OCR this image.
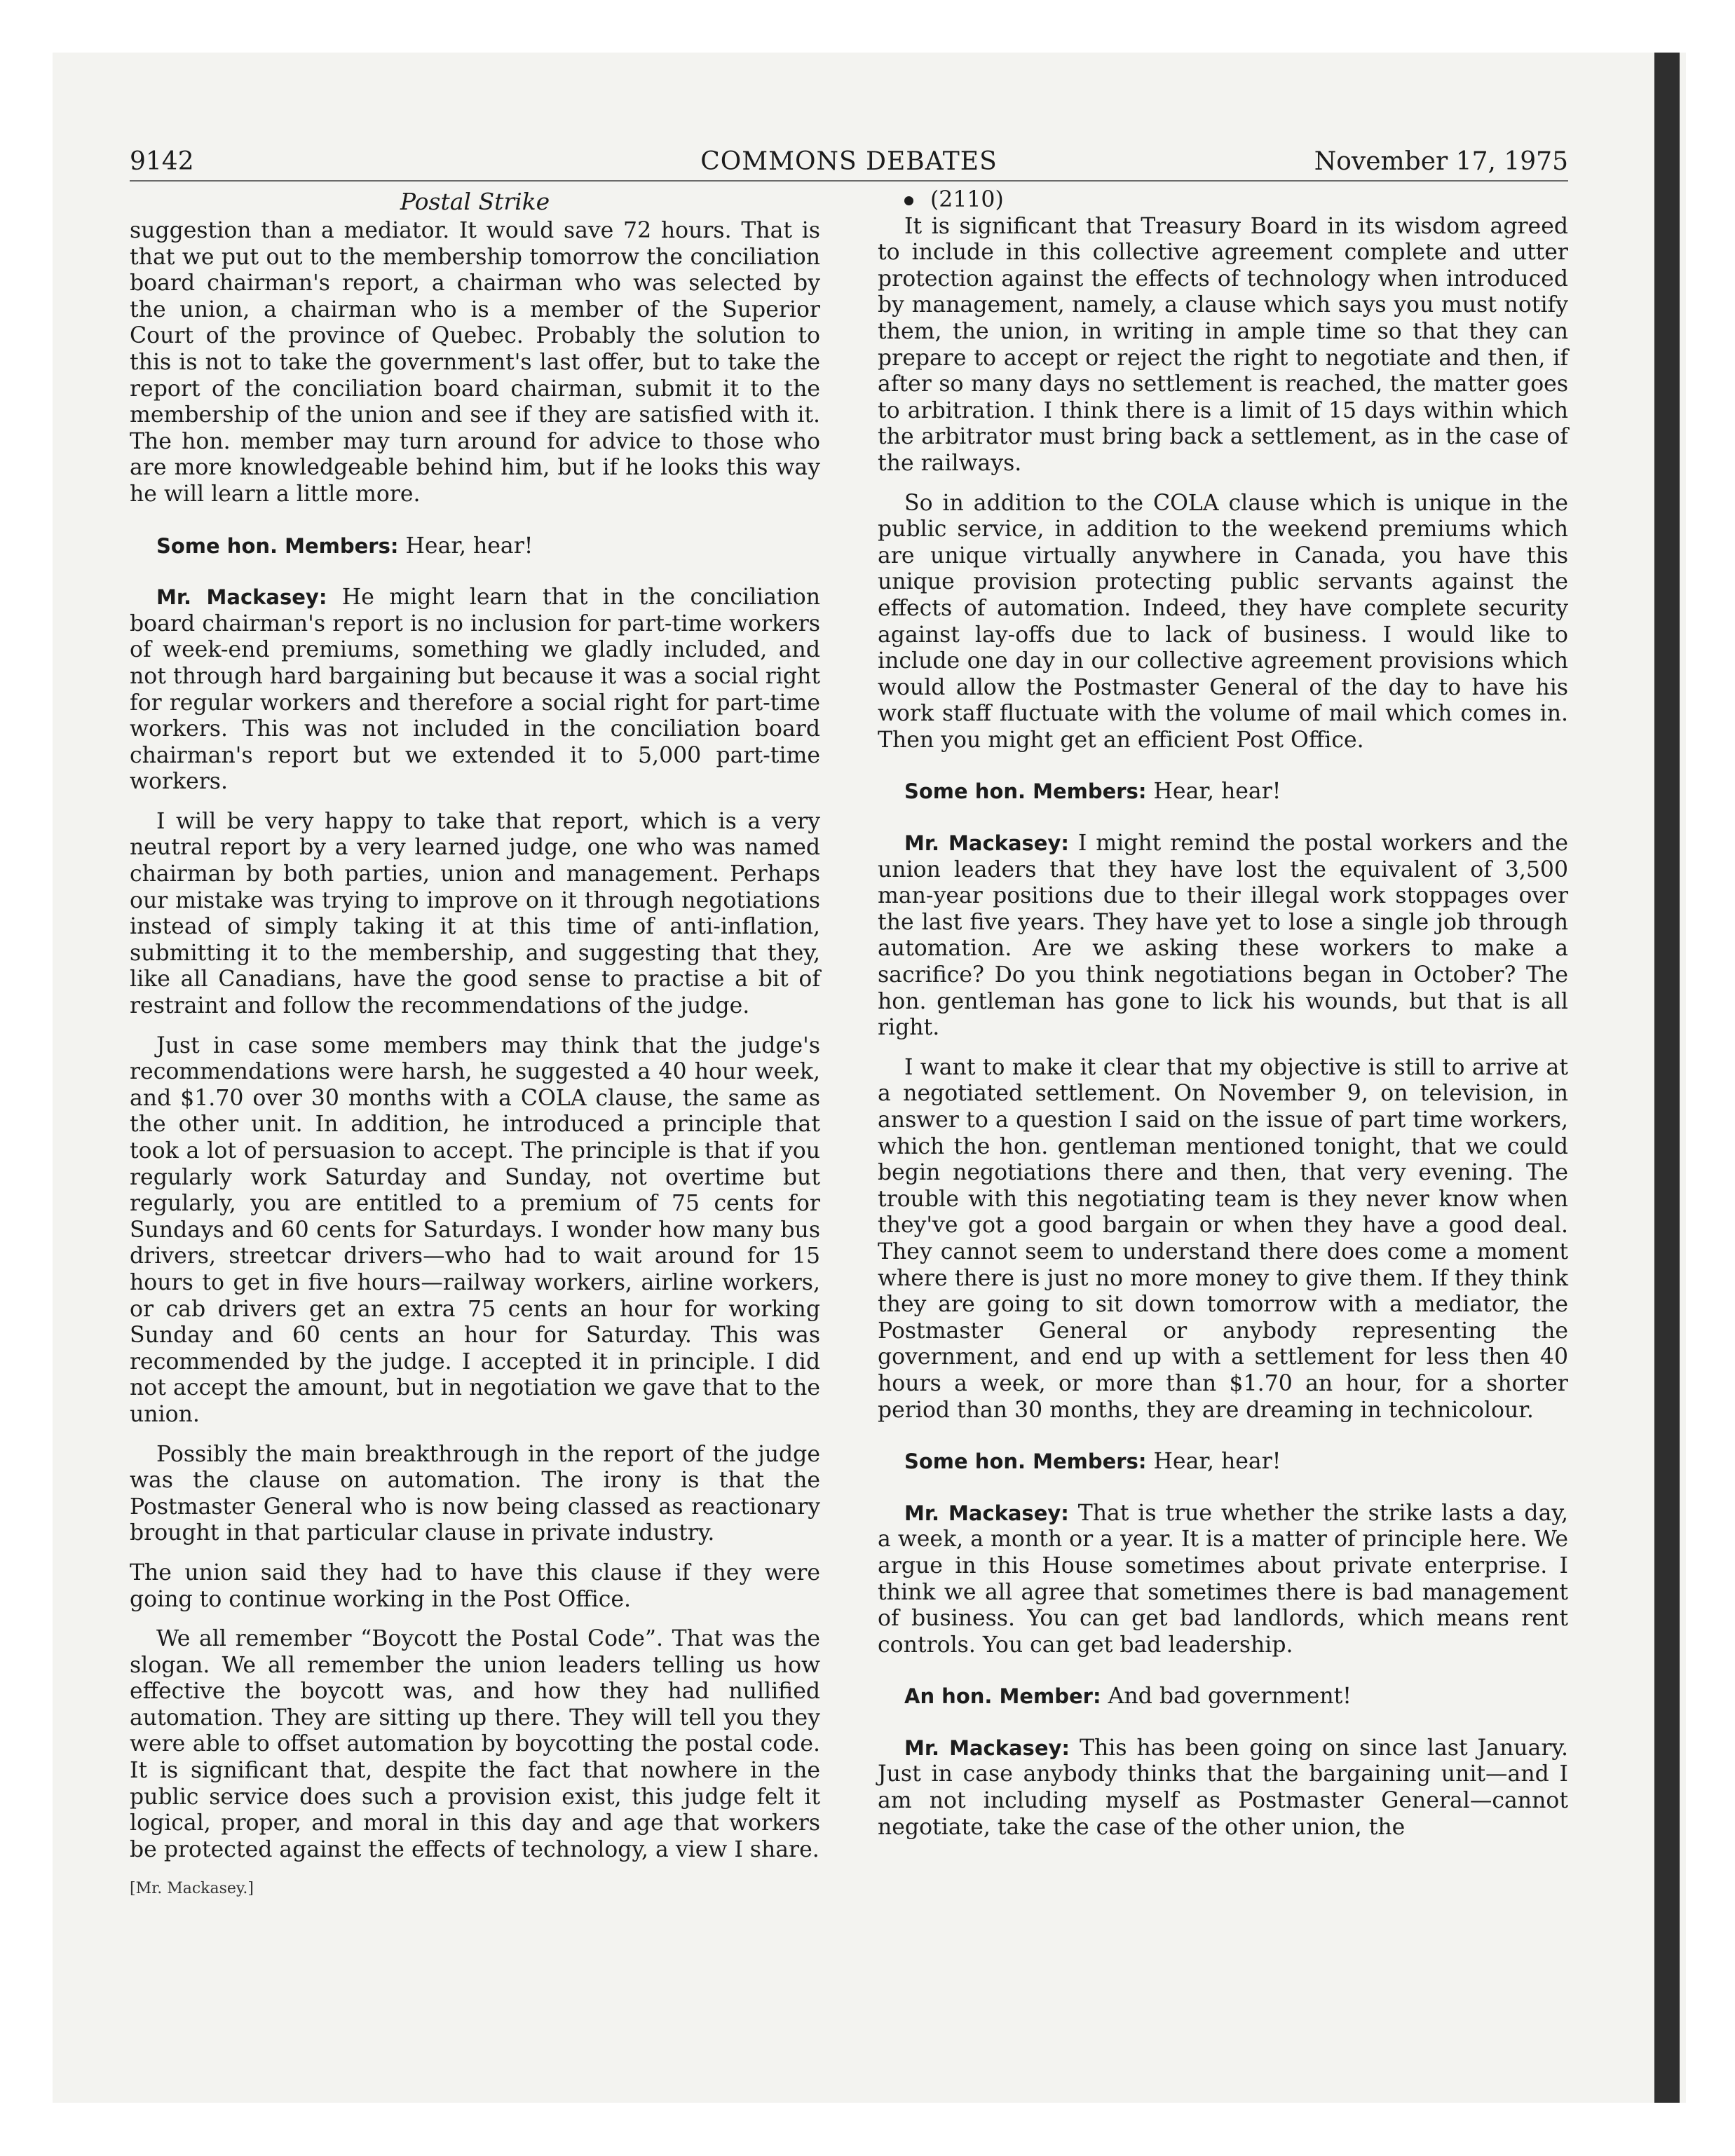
9142	COMMONS DEBATES	November 17, 1975
Postal Strike

suggestion than a mediator. It would save 72 hours. That is that we put out to the membership tomorrow the conciliation board chairman's report, a chairman who was selected by the union, a chairman who is a member of the Superior Court of the province of Quebec. Probably the solution to this is not to take the government's last offer, but to take the report of the conciliation board chairman, submit it to the membership of the union and see if they are satisfied with it. The hon. member may turn around for advice to those who are more knowledgeable behind him, but if he looks this way he will learn a little more.

Some hon. Members: Hear, hear!

Mr. Mackasey: He might learn that in the conciliation board chairman's report is no inclusion for part-time workers of week-end premiums, something we gladly included, and not through hard bargaining but because it was a social right for regular workers and therefore a social right for part-time workers. This was not included in the conciliation board chairman's report but we extended it to 5,000 part-time workers.

I will be very happy to take that report, which is a very neutral report by a very learned judge, one who was named chairman by both parties, union and management. Perhaps our mistake was trying to improve on it through negotiations instead of simply taking it at this time of anti-inflation, submitting it to the membership, and suggesting that they, like all Canadians, have the good sense to practise a bit of restraint and follow the recommendations of the judge.

Just in case some members may think that the judge's recommendations were harsh, he suggested a 40 hour week, and $1.70 over 30 months with a COLA clause, the same as the other unit. In addition, he introduced a principle that took a lot of persuasion to accept. The principle is that if you regularly work Saturday and Sunday, not overtime but regularly, you are entitled to a premium of 75 cents for Sundays and 60 cents for Saturdays. I wonder how many bus drivers, streetcar drivers—who had to wait around for 15 hours to get in five hours—railway workers, airline workers, or cab drivers get an extra 75 cents an hour for working Sunday and 60 cents an hour for Saturday. This was recommended by the judge. I accepted it in principle. I did not accept the amount, but in negotiation we gave that to the union.

Possibly the main breakthrough in the report of the judge was the clause on automation. The irony is that the Postmaster General who is now being classed as reactionary brought in that particular clause in private industry.

The union said they had to have this clause if they were going to continue working in the Post Office.

We all remember “Boycott the Postal Code”. That was the slogan. We all remember the union leaders telling us how effective the boycott was, and how they had nullified automation. They are sitting up there. They will tell you they were able to offset automation by boycotting the postal code. It is significant that, despite the fact that nowhere in the public service does such a provision exist, this judge felt it logical, proper, and moral in this day and age that workers be protected against the effects of technology, a view I share.

[Mr. Mackasey.]

(2110)

It is significant that Treasury Board in its wisdom agreed to include in this collective agreement complete and utter protection against the effects of technology when introduced by management, namely, a clause which says you must notify them, the union, in writing in ample time so that they can prepare to accept or reject the right to negotiate and then, if after so many days no settlement is reached, the matter goes to arbitration. I think there is a limit of 15 days within which the arbitrator must bring back a settlement, as in the case of the railways.

So in addition to the COLA clause which is unique in the public service, in addition to the weekend premiums which are unique virtually anywhere in Canada, you have this unique provision protecting public servants against the effects of automation. Indeed, they have complete security against lay-offs due to lack of business. I would like to include one day in our collective agreement provisions which would allow the Postmaster General of the day to have his work staff fluctuate with the volume of mail which comes in. Then you might get an efficient Post Office.

Some hon. Members: Hear, hear!

Mr. Mackasey: I might remind the postal workers and the union leaders that they have lost the equivalent of 3,500 man-year positions due to their illegal work stoppages over the last five years. They have yet to lose a single job through automation. Are we asking these workers to make a sacrifice? Do you think negotiations began in October? The hon. gentleman has gone to lick his wounds, but that is all right.

I want to make it clear that my objective is still to arrive at a negotiated settlement. On November 9, on television, in answer to a question I said on the issue of part time workers, which the hon. gentleman mentioned tonight, that we could begin negotiations there and then, that very evening. The trouble with this negotiating team is they never know when they've got a good bargain or when they have a good deal. They cannot seem to understand there does come a moment where there is just no more money to give them. If they think they are going to sit down tomorrow with a mediator, the Postmaster General or anybody representing the government, and end up with a settlement for less then 40 hours a week, or more than $1.70 an hour, for a shorter period than 30 months, they are dreaming in technicolour.

Some hon. Members: Hear, hear!

Mr. Mackasey: That is true whether the strike lasts a day, a week, a month or a year. It is a matter of principle here. We argue in this House sometimes about private enterprise. I think we all agree that sometimes there is bad management of business. You can get bad landlords, which means rent controls. You can get bad leadership.

An hon. Member: And bad government!

Mr. Mackasey: This has been going on since last January. Just in case anybody thinks that the bargaining unit—and I am not including myself as Postmaster General—cannot negotiate, take the case of the other union, the
